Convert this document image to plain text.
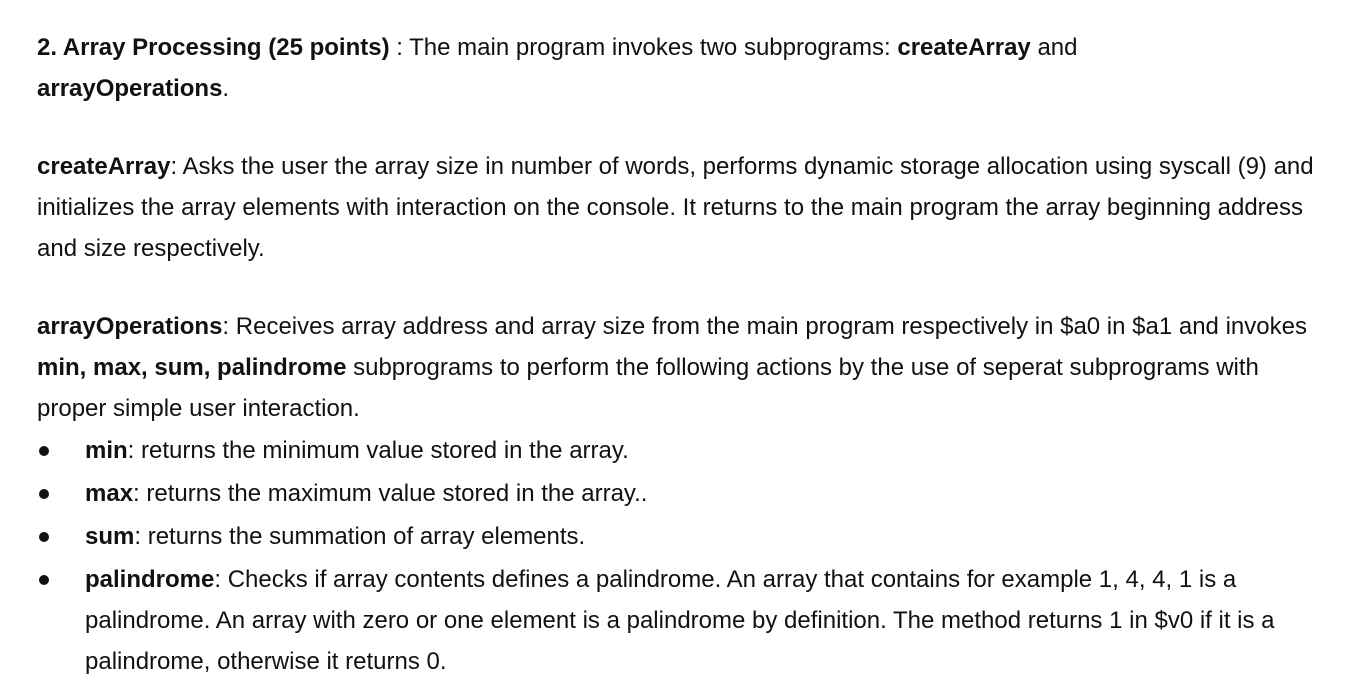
2. Array Processing (25 points) : The main program invokes two subprograms: createArray and
arrayOperations.

createArray: Asks the user the array size in number of words, performs dynamic storage allocation using syscall (9) and initializes the array elements with interaction on the console. It returns to the main program the array beginning address and size respectively.

arrayOperations: Receives array address and array size from the main program respectively in $a0 in $a1 and invokes min, max, sum, palindrome subprograms to perform the following actions by the use of seperat subprograms with proper simple user interaction.

min: returns the minimum value stored in the array.
max: returns the maximum value stored in the array..
sum: returns the summation of array elements.
palindrome: Checks if array contents defines a palindrome. An array that contains for example 1, 4, 4, 1 is a palindrome. An array with zero or one element is a palindrome by definition. The method returns 1 in $v0 if it is a palindrome, otherwise it returns 0.
